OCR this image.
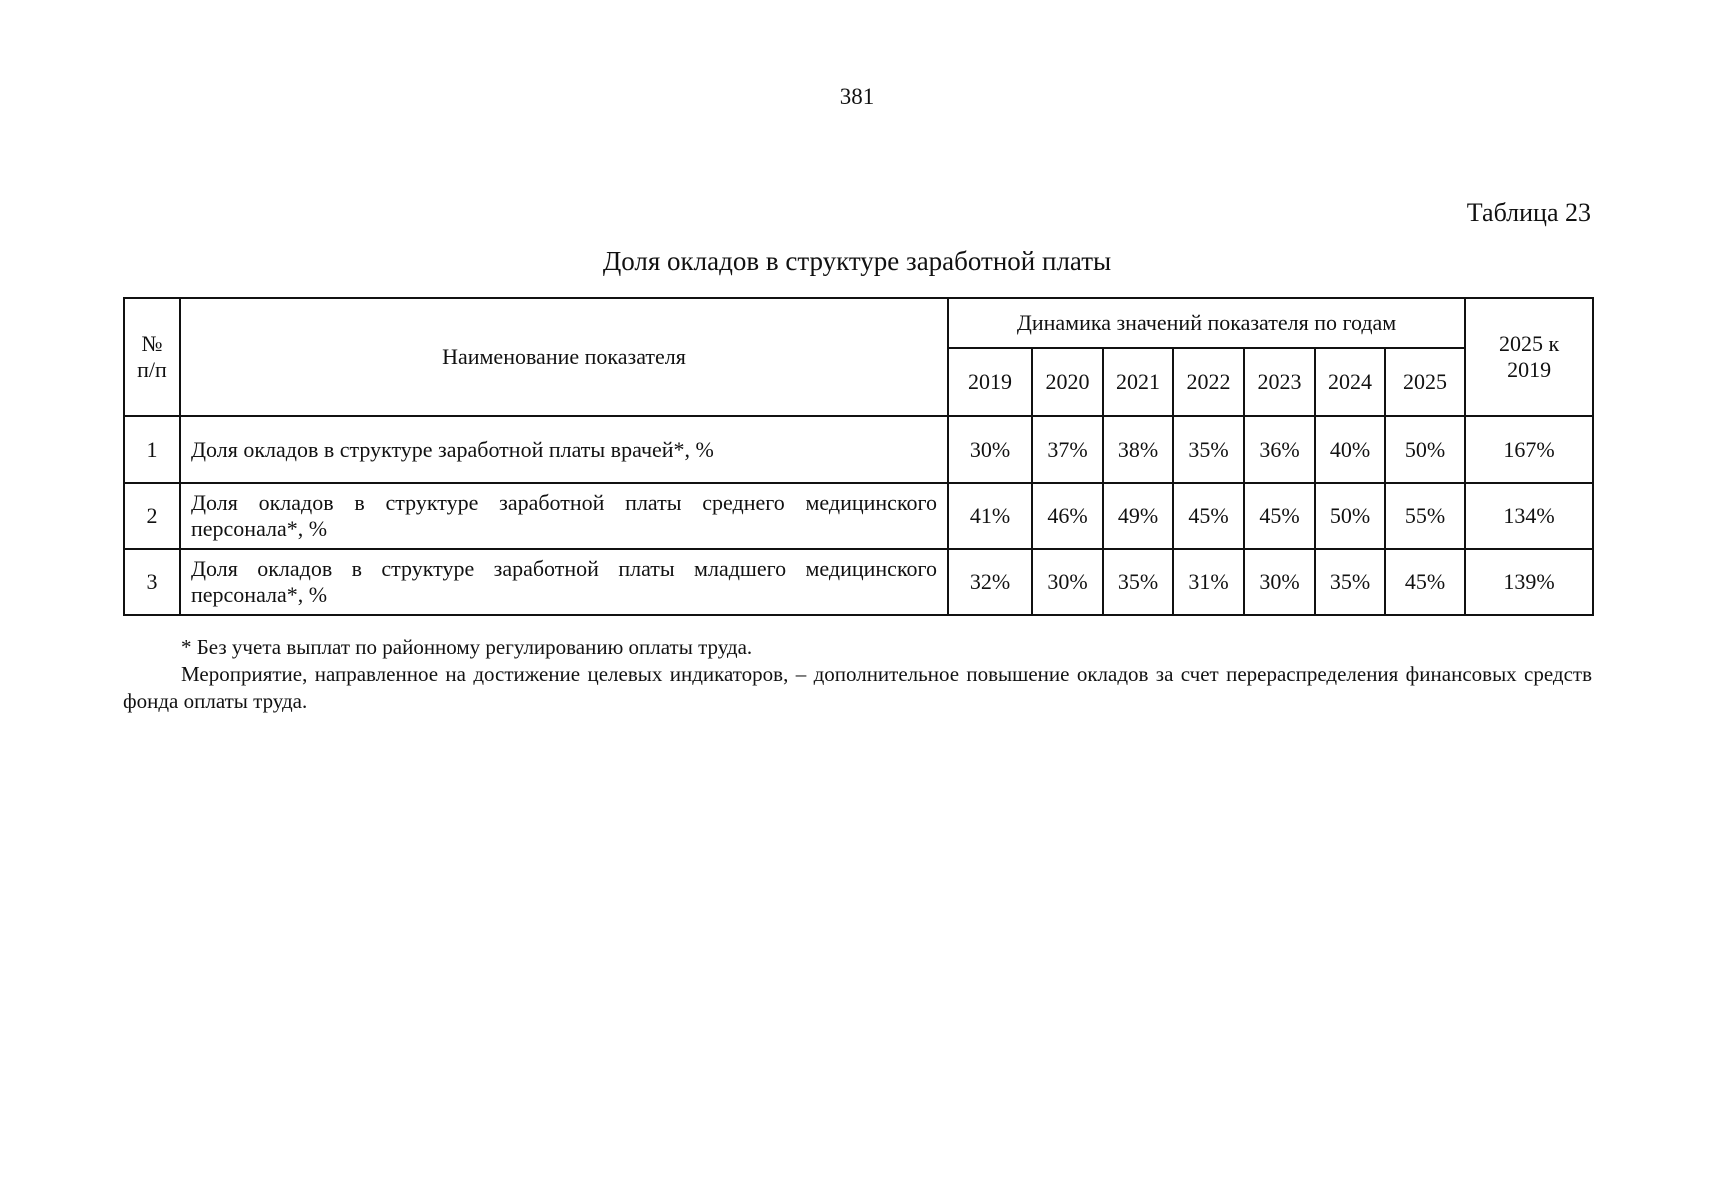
381
Таблица 23
Доля окладов в структуре заработной платы
№ п/п	Наименование показателя	Динамика значений показателя по годам							2025 к 2019
		2019	2020	2021	2022	2023	2024	2025	
1	Доля окладов в структуре заработной платы врачей*, %	30%	37%	38%	35%	36%	40%	50%	167%
2	Доля окладов в структуре заработной платы среднего медицинского персонала*, %	41%	46%	49%	45%	45%	50%	55%	134%
3	Доля окладов в структуре заработной платы младшего медицинского персонала*, %	32%	30%	35%	31%	30%	35%	45%	139%

* Без учета выплат по районному регулированию оплаты труда.

Мероприятие, направленное на достижение целевых индикаторов, – дополнительное повышение окладов за счет перераспределения финансовых средств фонда оплаты труда.
